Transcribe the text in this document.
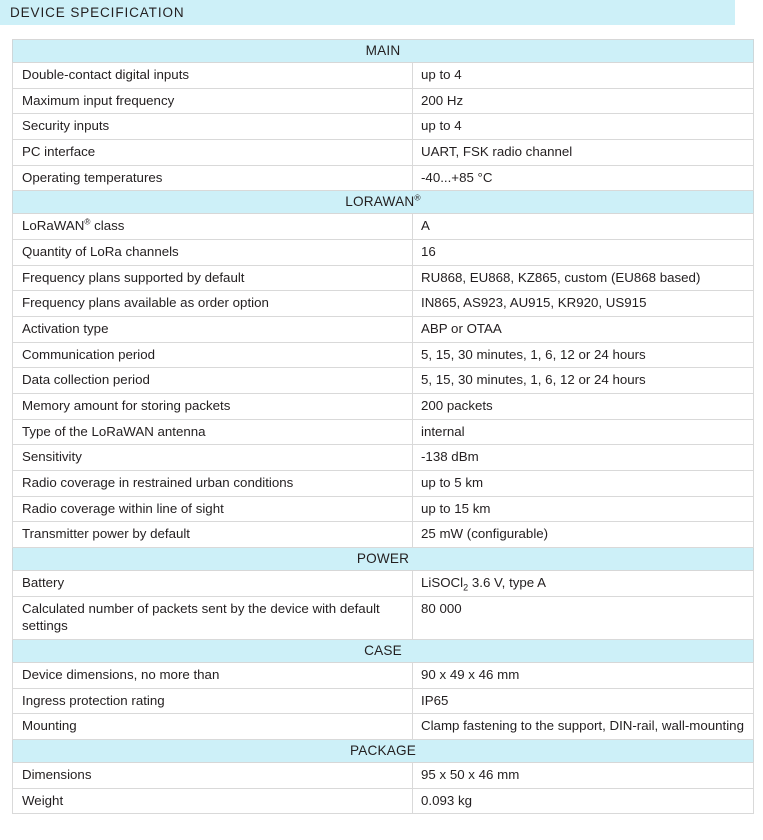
DEVICE SPECIFICATION
MAIN	
Double-contact digital inputs	up to 4
Maximum input frequency	200 Hz
Security inputs	up to 4
PC interface	UART, FSK radio channel
Operating temperatures	-40...+85 °C
LORAWAN®
LoRaWAN® class	A
Quantity of LoRa channels	16
Frequency plans supported by default	RU868, EU868, KZ865, custom (EU868 based)
Frequency plans available as order option	IN865, AS923, AU915, KR920, US915
Activation type	ABP or OTAA
Communication period	5, 15, 30 minutes, 1, 6, 12 or 24 hours
Data collection period	5, 15, 30 minutes, 1, 6, 12 or 24 hours
Memory amount for storing packets	200 packets
Type of the LoRaWAN antenna	internal
Sensitivity	-138 dBm
Radio coverage in restrained urban conditions	up to 5 km
Radio coverage within line of sight	up to 15 km
Transmitter power by default	25 mW (configurable)
POWER	
Battery	LiSOCl$_2$ 3.6 V, type A
Calculated number of packets sent by the device with default settings	80 000
CASE	
Device dimensions, no more than	90 x 49 x 46 mm
Ingress protection rating	IP65
Mounting	Clamp fastening to the support, DIN-rail, wall-mounting
PACKAGE	
Dimensions	95 x 50 x 46 mm
Weight	0.093 kg
